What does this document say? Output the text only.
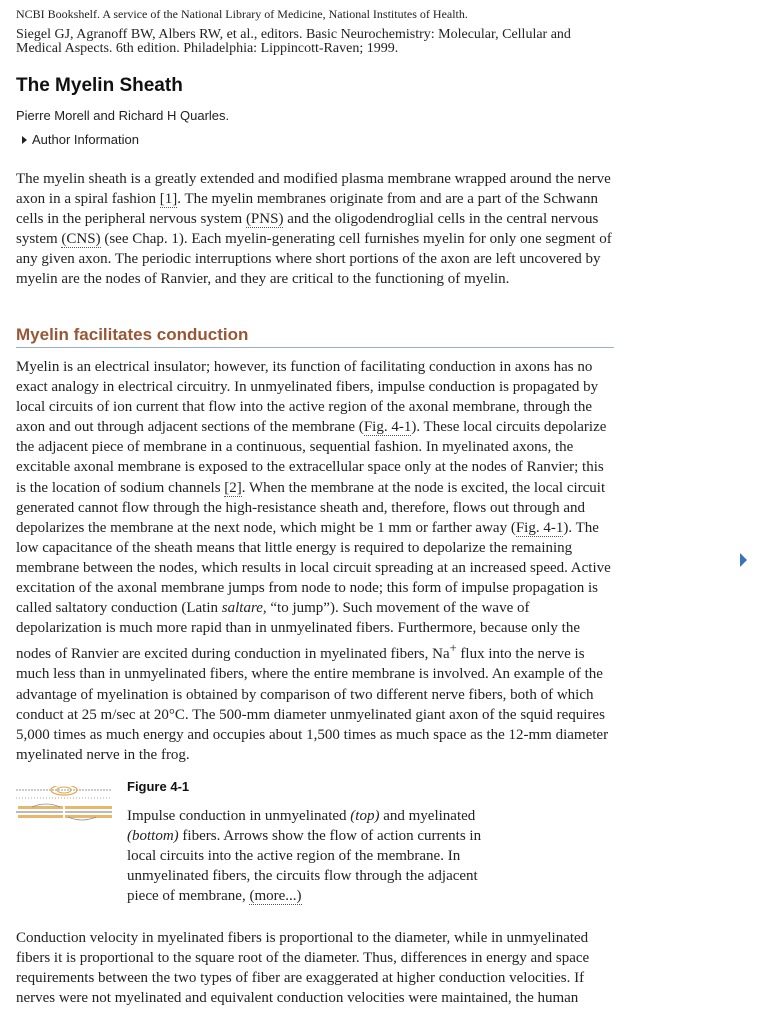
NCBI Bookshelf. A service of the National Library of Medicine, National Institutes of Health.
Siegel GJ, Agranoff BW, Albers RW, et al., editors. Basic Neurochemistry: Molecular, Cellular and Medical Aspects. 6th edition. Philadelphia: Lippincott-Raven; 1999.
The Myelin Sheath
Pierre Morell and Richard H Quarles.
Author Information

The myelin sheath is a greatly extended and modified plasma membrane wrapped around the nerve axon in a spiral fashion [1]. The myelin membranes originate from and are a part of the Schwann cells in the peripheral nervous system (PNS) and the oligodendroglial cells in the central nervous system (CNS) (see Chap. 1). Each myelin-generating cell furnishes myelin for only one segment of any given axon. The periodic interruptions where short portions of the axon are left uncovered by myelin are the nodes of Ranvier, and they are critical to the functioning of myelin.

Myelin facilitates conduction

Myelin is an electrical insulator; however, its function of facilitating conduction in axons has no exact analogy in electrical circuitry. In unmyelinated fibers, impulse conduction is propagated by local circuits of ion current that flow into the active region of the axonal membrane, through the axon and out through adjacent sections of the membrane (Fig. 4-1). These local circuits depolarize the adjacent piece of membrane in a continuous, sequential fashion. In myelinated axons, the excitable axonal membrane is exposed to the extracellular space only at the nodes of Ranvier; this is the location of sodium channels [2]. When the membrane at the node is excited, the local circuit generated cannot flow through the high-resistance sheath and, therefore, flows out through and depolarizes the membrane at the next node, which might be 1 mm or farther away (Fig. 4-1). The low capacitance of the sheath means that little energy is required to depolarize the remaining membrane between the nodes, which results in local circuit spreading at an increased speed. Active excitation of the axonal membrane jumps from node to node; this form of impulse propagation is called saltatory conduction (Latin saltare, “to jump”). Such movement of the wave of depolarization is much more rapid than in unmyelinated fibers. Furthermore, because only the nodes of Ranvier are excited during conduction in myelinated fibers, Na+ flux into the nerve is much less than in unmyelinated fibers, where the entire membrane is involved. An example of the advantage of myelination is obtained by comparison of two different nerve fibers, both of which conduct at 25 m/sec at 20°C. The 500-mm diameter unmyelinated giant axon of the squid requires 5,000 times as much energy and occupies about 1,500 times as much space as the 12-mm diameter myelinated nerve in the frog.

Figure 4-1

Impulse conduction in unmyelinated (top) and myelinated (bottom) fibers. Arrows show the flow of action currents in local circuits into the active region of the membrane. In unmyelinated fibers, the circuits flow through the adjacent piece of membrane, (more...)

Conduction velocity in myelinated fibers is proportional to the diameter, while in unmyelinated fibers it is proportional to the square root of the diameter. Thus, differences in energy and space requirements between the two types of fiber are exaggerated at higher conduction velocities. If nerves were not myelinated and equivalent conduction velocities were maintained, the human
